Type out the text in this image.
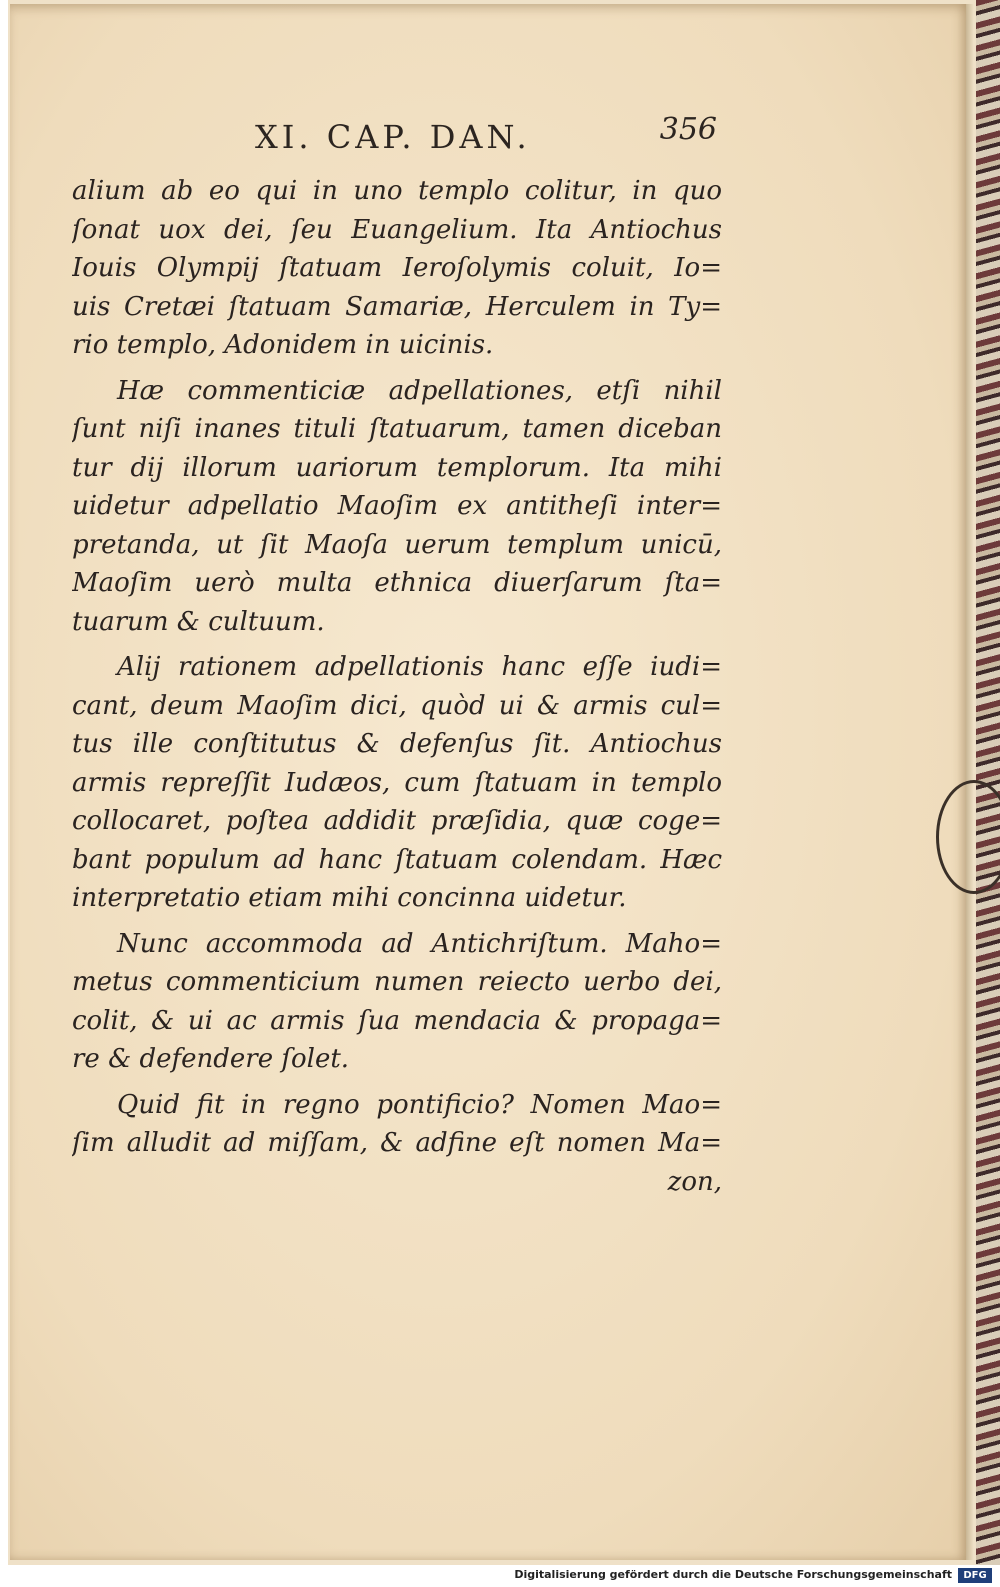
XI. CAP. DAN.	356
alium ab eo qui in uno templo colitur, in quo
ſonat uox dei, ſeu Euangelium. Ita Antiochus
Iouis Olympij ſtatuam Ieroſolymis coluit, Io=
uis Cretæi ſtatuam Samariæ, Herculem in Ty=
rio templo, Adonidem in uicinis.
Hæ commenticiæ adpellationes, etſi nihil
ſunt niſi inanes tituli ſtatuarum, tamen diceban
tur dij illorum uariorum templorum. Ita mihi
uidetur adpellatio Maoſim ex antitheſi inter=
pretanda, ut ſit Maoſa uerum templum unicū,
Maoſim uerò multa ethnica diuerſarum ſta=
tuarum & cultuum.
Alij rationem adpellationis hanc eſſe iudi=
cant, deum Maoſim dici, quòd ui & armis cul=
tus ille conſtitutus & defenſus ſit. Antiochus
armis repreſſit Iudæos, cum ſtatuam in templo
collocaret, poſtea addidit præſidia, quæ coge=
bant populum ad hanc ſtatuam colendam. Hæc
interpretatio etiam mihi concinna uidetur.
Nunc accommoda ad Antichriſtum. Maho=
metus commenticium numen reiecto uerbo dei,
colit, & ui ac armis ſua mendacia & propaga=
re & defendere ſolet.
Quid fit in regno pontificio? Nomen Mao=
ſim alludit ad miſſam, & adfine eſt nomen Ma=
zon,
Digitalisierung gefördert durch die Deutsche Forschungsgemeinschaft	DFG
